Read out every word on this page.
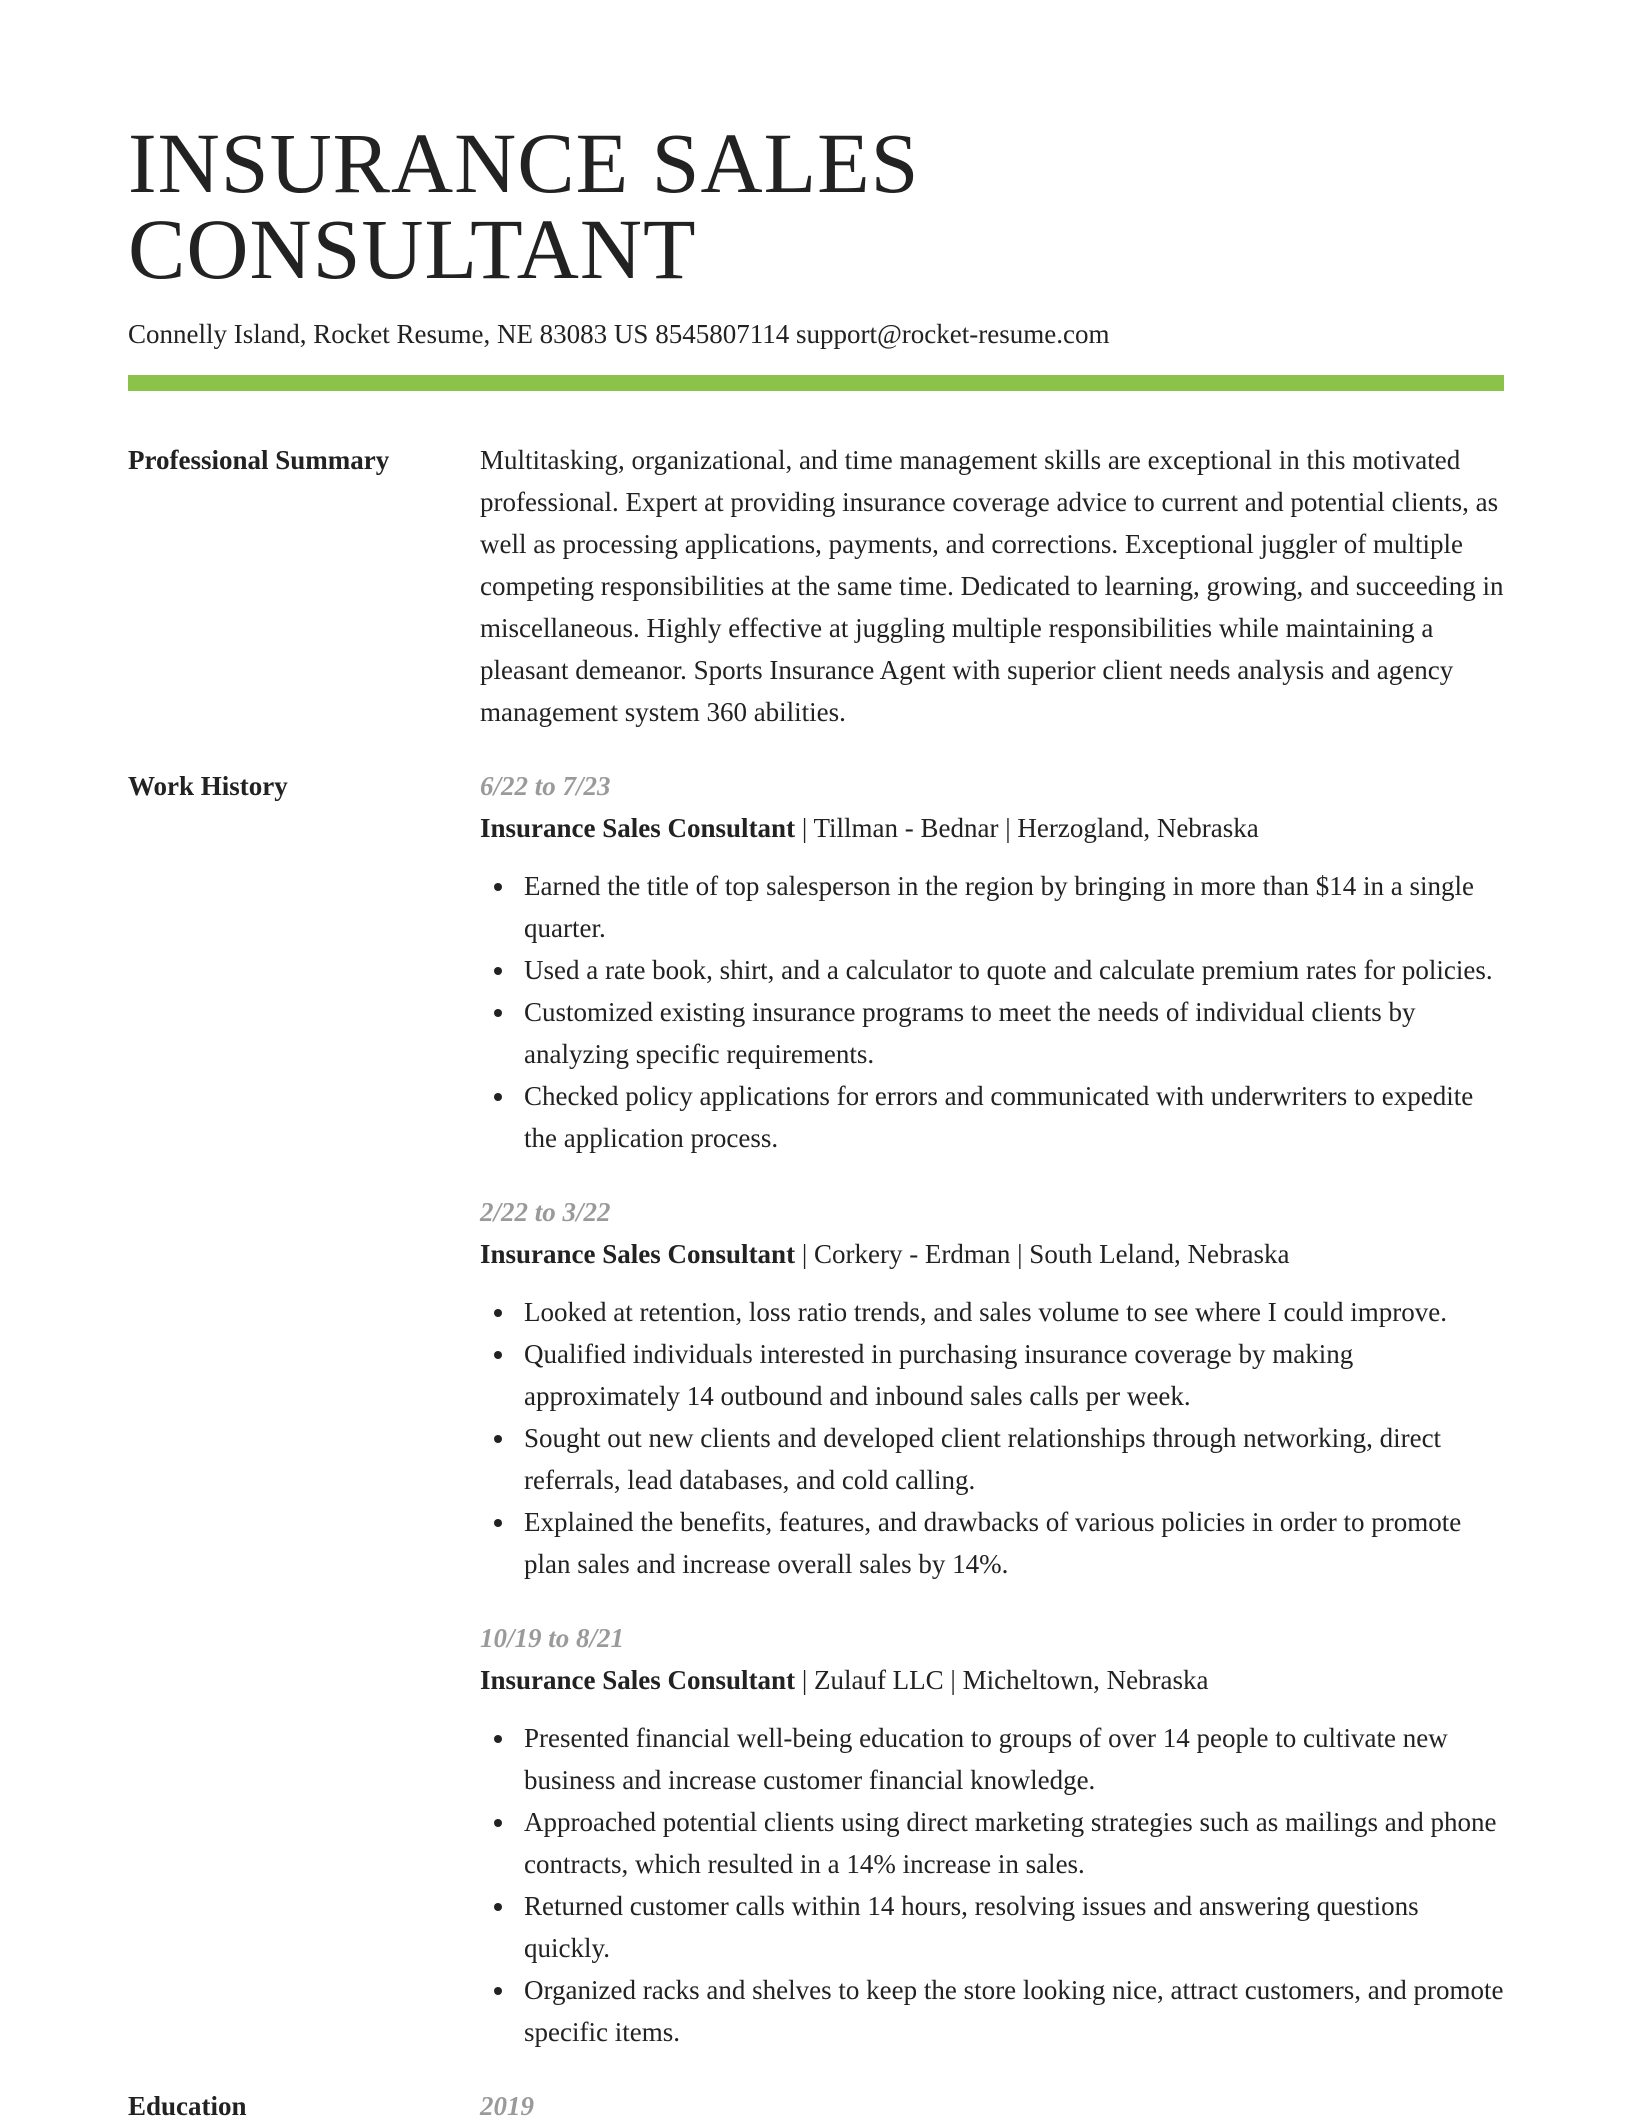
INSURANCE SALES CONSULTANT
Connelly Island, Rocket Resume, NE 83083 US 8545807114 support@rocket-resume.com
Professional Summary	Multitasking, organizational, and time management skills are exceptional in this motivated professional. Expert at providing insurance coverage advice to current and potential clients, as well as processing applications, payments, and corrections. Exceptional juggler of multiple competing responsibilities at the same time. Dedicated to learning, growing, and succeeding in miscellaneous. Highly effective at juggling multiple responsibilities while maintaining a pleasant demeanor. Sports Insurance Agent with superior client needs analysis and agency management system 360 abilities.

Work History	6/22 to 7/23
Insurance Sales Consultant | Tillman - Bednar | Herzogland, Nebraska
Earned the title of top salesperson in the region by bringing in more than $14 in a single quarter.
Used a rate book, shirt, and a calculator to quote and calculate premium rates for policies.
Customized existing insurance programs to meet the needs of individual clients by analyzing specific requirements.
Checked policy applications for errors and communicated with underwriters to expedite the application process.
2/22 to 3/22
Insurance Sales Consultant | Corkery - Erdman | South Leland, Nebraska
Looked at retention, loss ratio trends, and sales volume to see where I could improve.
Qualified individuals interested in purchasing insurance coverage by making approximately 14 outbound and inbound sales calls per week.
Sought out new clients and developed client relationships through networking, direct referrals, lead databases, and cold calling.
Explained the benefits, features, and drawbacks of various policies in order to promote plan sales and increase overall sales by 14%.
10/19 to 8/21
Insurance Sales Consultant | Zulauf LLC | Micheltown, Nebraska
Presented financial well-being education to groups of over 14 people to cultivate new business and increase customer financial knowledge.
Approached potential clients using direct marketing strategies such as mailings and phone contracts, which resulted in a 14% increase in sales.
Returned customer calls within 14 hours, resolving issues and answering questions quickly.
Organized racks and shelves to keep the store looking nice, attract customers, and promote specific items.
Education	2019
